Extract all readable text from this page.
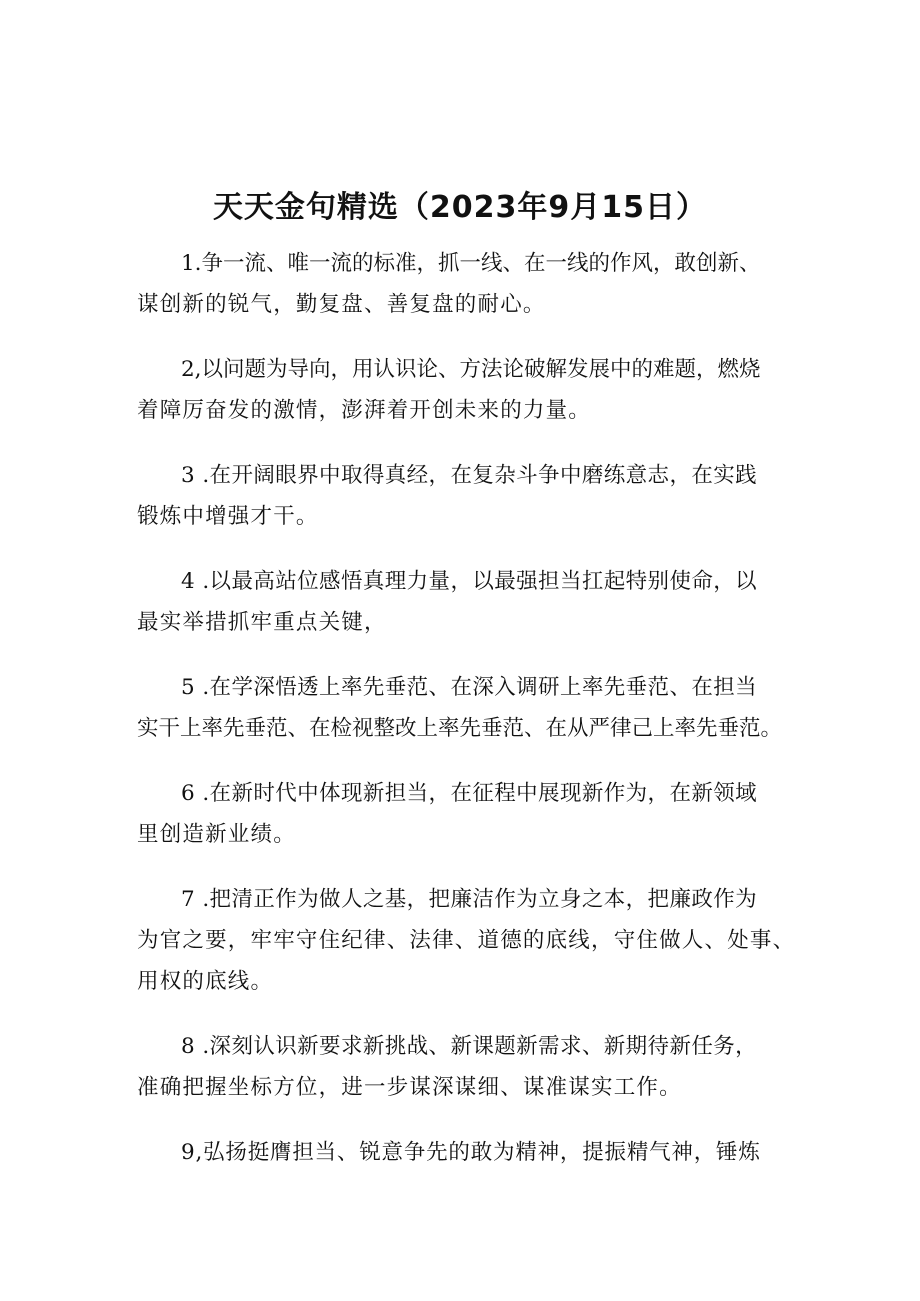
天天金句精选（2023年9月15日）

1.争一流、唯一流的标准，抓一线、在一线的作风，敢创新、
谋创新的锐气，勤复盘、善复盘的耐心。

2,以问题为导向，用认识论、方法论破解发展中的难题，燃烧
着障厉奋发的激情，澎湃着开创未来的力量。

3 .在开阔眼界中取得真经，在复杂斗争中磨练意志，在实践
锻炼中增强才干。

4 .以最高站位感悟真理力量，以最强担当扛起特别使命，以
最实举措抓牢重点关键，

5 .在学深悟透上率先垂范、在深入调研上率先垂范、在担当
实干上率先垂范、在检视整改上率先垂范、在从严律己上率先垂范。

6 .在新时代中体现新担当，在征程中展现新作为，在新领域
里创造新业绩。

7 .把清正作为做人之基，把廉洁作为立身之本，把廉政作为
为官之要，牢牢守住纪律、法律、道德的底线，守住做人、处事、
用权的底线。

8 .深刻认识新要求新挑战、新课题新需求、新期待新任务，
准确把握坐标方位，进一步谋深谋细、谋准谋实工作。

9,弘扬挺膺担当、锐意争先的敢为精神，提振精气神，锤炼
